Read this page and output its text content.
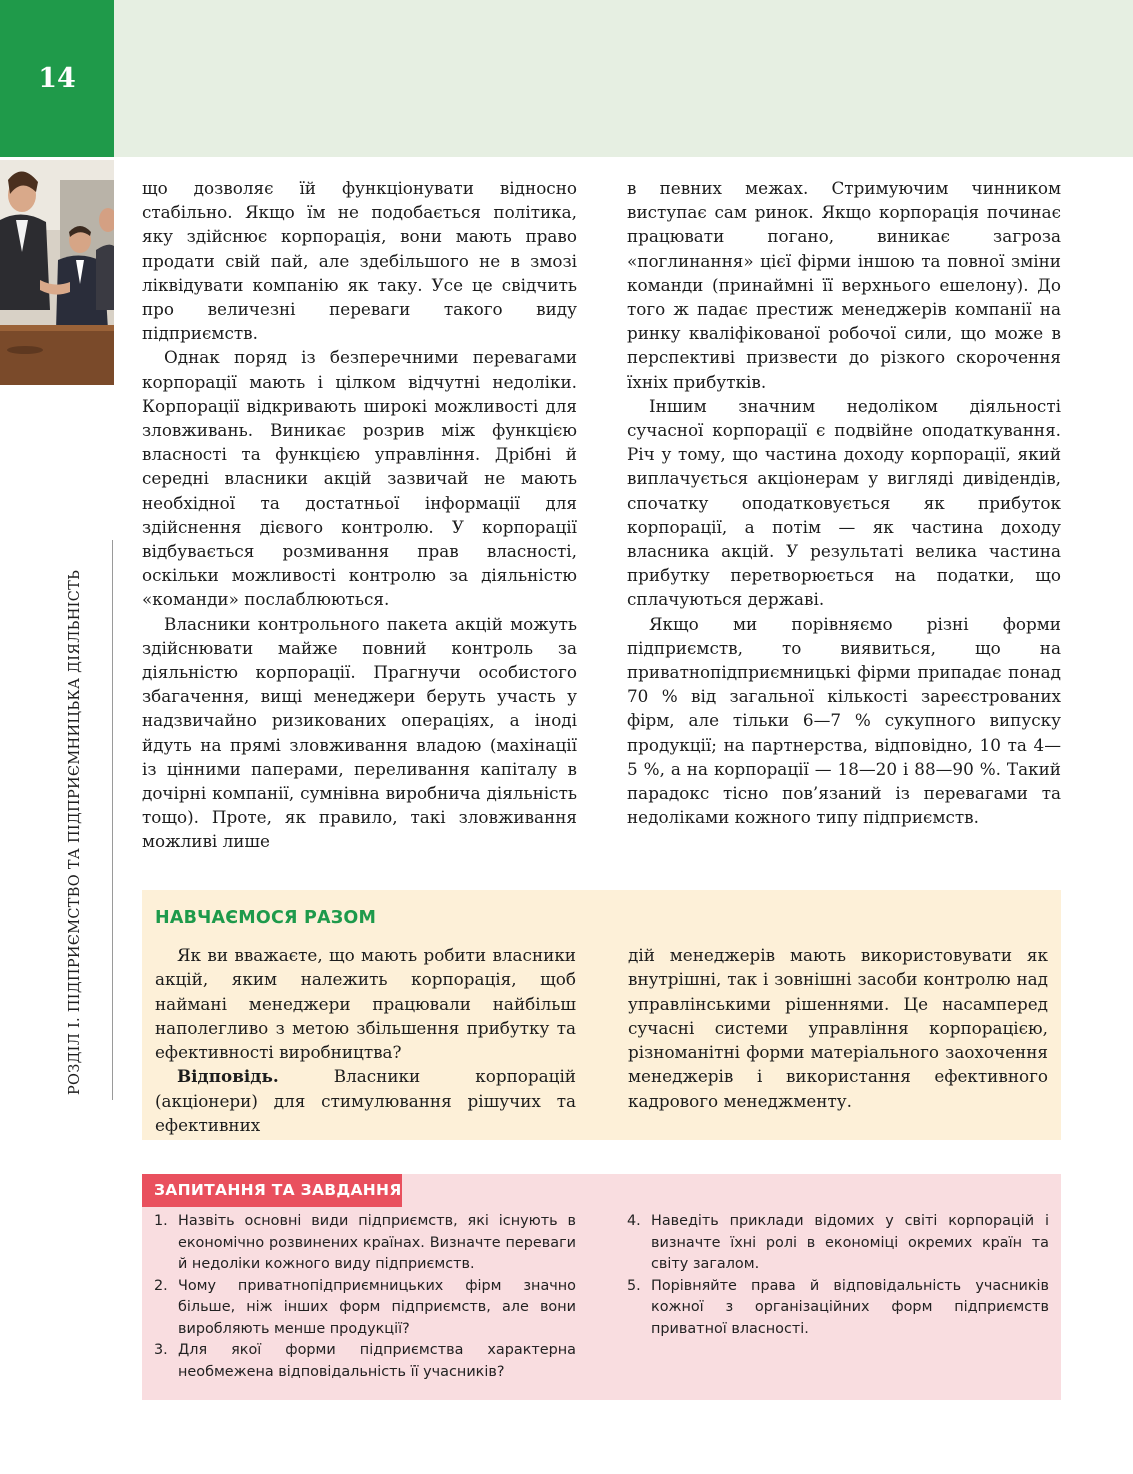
14
РОЗДІЛ І. ПІДПРИЄМСТВО ТА ПІДПРИЄМНИЦЬКА ДІЯЛЬНІСТЬ

що дозволяє їй функціонувати відносно стабільно. Якщо їм не подобається політика, яку здійснює корпорація, вони мають право продати свій пай, але здебільшого не в змозі ліквідувати компанію як таку. Усе це свідчить про величезні переваги такого виду підприємств.

Однак поряд із безперечними перевагами корпорації мають і цілком відчутні недоліки. Корпорації відкривають широкі можливості для зловживань. Виникає розрив між функцією власності та функцією управління. Дрібні й середні власники акцій зазвичай не мають необхідної та достатньої інформації для здійснення дієвого контролю. У корпорації відбувається розмивання прав власності, оскільки можливості контролю за діяльністю «команди» послаблюються.

Власники контрольного пакета акцій можуть здійснювати майже повний контроль за діяльністю корпорації. Прагнучи особистого збагачення, вищі менеджери беруть участь у надзвичайно ризикованих операціях, а іноді йдуть на прямі зловживання владою (махінації із цінними паперами, переливання капіталу в дочірні компанії, сумнівна виробнича діяльність тощо). Проте, як правило, такі зловживання можливі лише

в певних межах. Стримуючим чинником виступає сам ринок. Якщо корпорація починає працювати погано, виникає загроза «поглинання» цієї фірми іншою та повної зміни команди (принаймні її верхнього ешелону). До того ж падає престиж менеджерів компанії на ринку кваліфікованої робочої сили, що може в перспективі призвести до різкого скорочення їхніх прибутків.

Іншим значним недоліком діяльності сучасної корпорації є подвійне оподаткування. Річ у тому, що частина доходу корпорації, який виплачується акціонерам у вигляді дивідендів, спочатку оподатковується як прибуток корпорації, а потім — як частина доходу власника акцій. У результаті велика частина прибутку перетворюється на податки, що сплачуються державі.

Якщо ми порівняємо різні форми підприємств, то виявиться, що на приватнопідприємницькі фірми припадає понад 70 % від загальної кількості зареєстрованих фірм, але тільки 6—7 % сукупного випуску продукції; на партнерства, відповідно, 10 та 4—5 %, а на корпорації — 18—20 і 88—90 %. Такий парадокс тісно пов’язаний із перевагами та недоліками кожного типу підприємств.

НАВЧАЄМОСЯ РАЗОМ

Як ви вважаєте, що мають робити власники акцій, яким належить корпорація, щоб наймані менеджери працювали найбільш наполегливо з метою збільшення прибутку та ефективності виробництва?

Відповідь. Власники корпорацій (акціонери) для стимулювання рішучих та ефективних

дій менеджерів мають використовувати як внутрішні, так і зовнішні засоби контролю над управлінськими рішеннями. Це насамперед сучасні системи управління корпорацією, різноманітні форми матеріального заохочення менеджерів і використання ефективного кадрового менеджменту.

ЗАПИТАННЯ ТА ЗАВДАННЯ
1. Назвіть основні види підприємств, які існують в економічно розвинених країнах. Визначте переваги й недоліки кожного виду підприємств.
2. Чому приватнопідприємницьких фірм значно більше, ніж інших форм підприємств, але вони виробляють менше продукції?
3. Для якої форми підприємства характерна необмежена відповідальність її учасників?
4. Наведіть приклади відомих у світі корпорацій і визначте їхні ролі в економіці окремих країн та світу загалом.
5. Порівняйте права й відповідальність учасників кожної з організаційних форм підприємств приватної власності.
